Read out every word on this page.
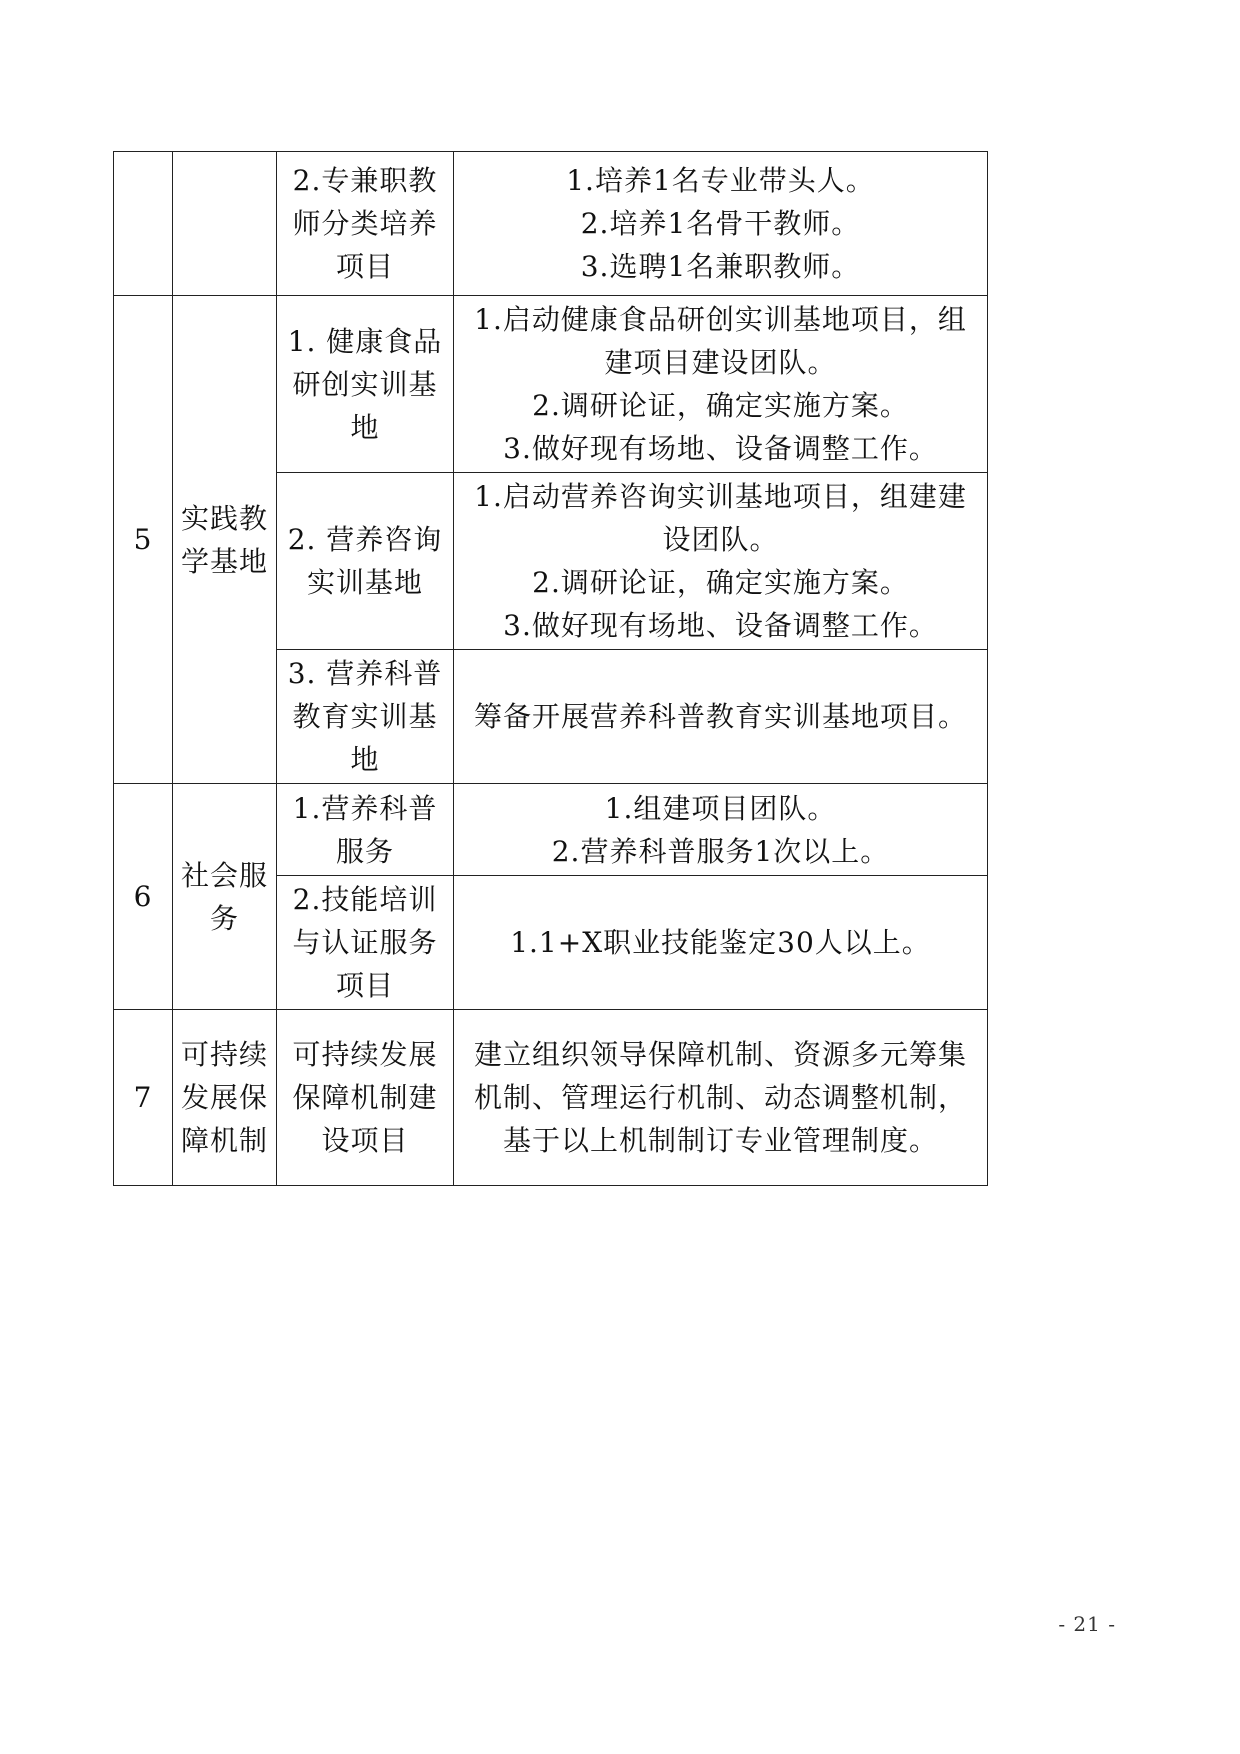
		2.专兼职教师分类培养项目	1.培养1名专业带头人。
2.培养1名骨干教师。
3.选聘1名兼职教师。

5	实践教学基地	1. 健康食品研创实训基地	1.启动健康食品研创实训基地项目，组建项目建设团队。
2.调研论证，确定实施方案。
3.做好现有场地、设备调整工作。

		2. 营养咨询实训基地	1.启动营养咨询实训基地项目，组建建设团队。
2.调研论证，确定实施方案。
3.做好现有场地、设备调整工作。

		3. 营养科普教育实训基地	筹备开展营养科普教育实训基地项目。

6	社会服务	1.营养科普服务	1.组建项目团队。
2.营养科普服务1次以上。

		2.技能培训与认证服务项目	1.1+X职业技能鉴定30人以上。

7	可持续发展保障机制	可持续发展保障机制建设项目	建立组织领导保障机制、资源多元筹集机制、管理运行机制、动态调整机制，基于以上机制制订专业管理制度。
- 21 -
